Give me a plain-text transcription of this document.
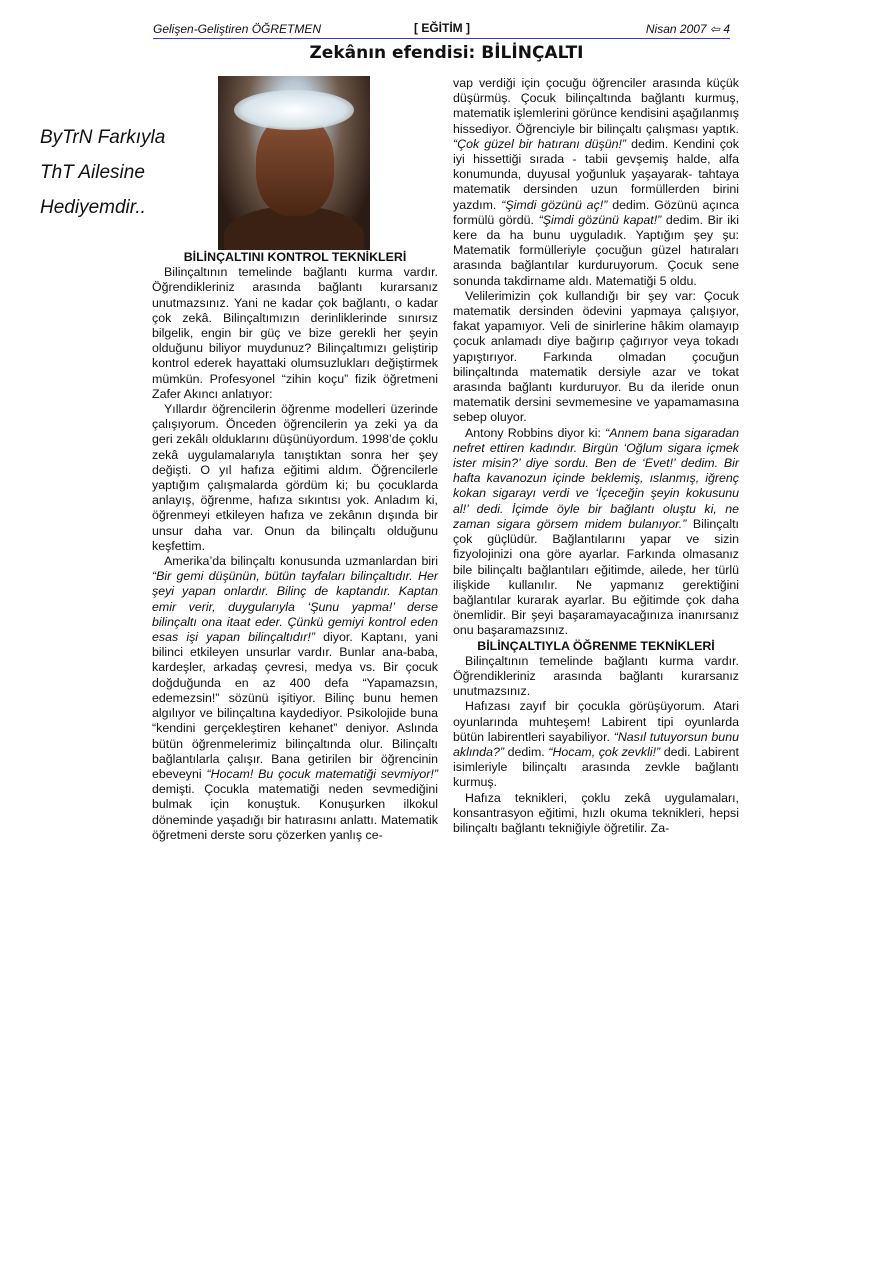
Gelişen-Geliştiren ÖĞRETMEN	[ EĞİTİM ]	Nisan 2007 ⇦ 4
Zekânın efendisi: BİLİNÇALTI
ByTrN Farkıyla
ThT Ailesine
Hediyemdir..
BİLİNÇALTINI KONTROL TEKNİKLERİ

Bilinçaltının temelinde bağlantı kurma vardır. Öğrendikleriniz arasında bağlantı kurarsanız unutmazsınız. Yani ne kadar çok bağlantı, o kadar çok zekâ. Bilinçaltımızın derinliklerinde sınırsız bilgelik, engin bir güç ve bize gerekli her şeyin olduğunu biliyor muydunuz? Bilinçaltımızı geliştirip kontrol ederek hayattaki olumsuzlukları değiştirmek mümkün. Profesyonel “zihin koçu” fizik öğretmeni Zafer Akıncı anlatıyor:

Yıllardır öğrencilerin öğrenme modelleri üzerinde çalışıyorum. Önceden öğrencilerin ya zeki ya da geri zekâlı olduklarını düşünüyordum. 1998’de çoklu zekâ uygulamalarıyla tanıştıktan sonra her şey değişti. O yıl hafıza eğitimi aldım. Öğrencilerle yaptığım çalışmalarda gördüm ki; bu çocuklarda anlayış, öğrenme, hafıza sıkıntısı yok. Anladım ki, öğrenmeyi etkileyen hafıza ve zekânın dışında bir unsur daha var. Onun da bilinçaltı olduğunu keşfettim.

Amerika’da bilinçaltı konusunda uzmanlardan biri “Bir gemi düşünün, bütün tayfaları bilinçaltıdır. Her şeyi yapan onlardır. Bilinç de kaptandır. Kaptan emir verir, duygularıyla ‘Şunu yapma!’ derse bilinçaltı ona itaat eder. Çünkü gemiyi kontrol eden esas işi yapan bilinçaltıdır!” diyor. Kaptanı, yani bilinci etkileyen unsurlar vardır. Bunlar ana-baba, kardeşler, arkadaş çevresi, medya vs. Bir çocuk doğduğunda en az 400 defa “Yapamazsın, edemezsin!” sözünü işitiyor. Bilinç bunu hemen algılıyor ve bilinçaltına kaydediyor. Psikolojide buna “kendini gerçekleştiren kehanet” deniyor. Aslında bütün öğrenmelerimiz bilinçaltında olur. Bilinçaltı bağlantılarla çalışır. Bana getirilen bir öğrencinin ebeveyni “Hocam! Bu çocuk matematiği sevmiyor!” demişti. Çocukla matematiği neden sevmediğini bulmak için konuştuk. Konuşurken ilkokul döneminde yaşadığı bir hatırasını anlattı. Matematik öğretmeni derste soru çözerken yanlış ce-

vap verdiği için çocuğu öğrenciler arasında küçük düşürmüş. Çocuk bilinçaltında bağlantı kurmuş, matematik işlemlerini görünce kendisini aşağılanmış hissediyor. Öğrenciyle bir bilinçaltı çalışması yaptık. “Çok güzel bir hatıranı düşün!” dedim. Kendini çok iyi hissettiği sırada - tabii gevşemiş halde, alfa konumunda, duyusal yoğunluk yaşayarak- tahtaya matematik dersinden uzun formüllerden birini yazdım. “Şimdi gözünü aç!” dedim. Gözünü açınca formülü gördü. “Şimdi gözünü kapat!” dedim. Bir iki kere da ha bunu uyguladık. Yaptığım şey şu: Matematik formülleriyle çocuğun güzel hatıraları arasında bağlantılar kurduruyorum. Çocuk sene sonunda takdirname aldı. Matematiği 5 oldu.

Velilerimizin çok kullandığı bir şey var: Çocuk matematik dersinden ödevini yapmaya çalışıyor, fakat yapamıyor. Veli de sinirlerine hâkim olamayıp çocuk anlamadı diye bağırıp çağırıyor veya tokadı yapıştırıyor. Farkında olmadan çocuğun bilinçaltında matematik dersiyle azar ve tokat arasında bağlantı kurduruyor. Bu da ileride onun matematik dersini sevmemesine ve yapamamasına sebep oluyor.

Antony Robbins diyor ki: “Annem bana sigaradan nefret ettiren kadındır. Birgün ‘Oğlum sigara içmek ister misin?’ diye sordu. Ben de ‘Evet!’ dedim. Bir hafta kavanozun içinde beklemiş, ıslanmış, iğrenç kokan sigarayı verdi ve ‘İçeceğin şeyin kokusunu al!’ dedi. İçimde öyle bir bağlantı oluştu ki, ne zaman sigara görsem midem bulanıyor.” Bilinçaltı çok güçlüdür. Bağlantılarını yapar ve sizin fizyolojinizi ona göre ayarlar. Farkında olmasanız bile bilinçaltı bağlantıları eğitimde, ailede, her türlü ilişkide kullanılır. Ne yapmanız gerektiğini bağlantılar kurarak ayarlar. Bu eğitimde çok daha önemlidir. Bir şeyi başaramayacağınıza inanırsanız onu başaramazsınız.

BİLİNÇALTIYLA ÖĞRENME TEKNİKLERİ

Bilinçaltının temelinde bağlantı kurma vardır. Öğrendikleriniz arasında bağlantı kurarsanız unutmazsınız.

Hafızası zayıf bir çocukla görüşüyorum. Atari oyunlarında muhteşem! Labirent tipi oyunlarda bütün labirentleri sayabiliyor. “Nasıl tutuyorsun bunu aklında?” dedim. “Hocam, çok zevkli!” dedi. Labirent isimleriyle bilinçaltı arasında zevkle bağlantı kurmuş.

Hafıza teknikleri, çoklu zekâ uygulamaları, konsantrasyon eğitimi, hızlı okuma teknikleri, hepsi bilinçaltı bağlantı tekniğiyle öğretilir. Za-
